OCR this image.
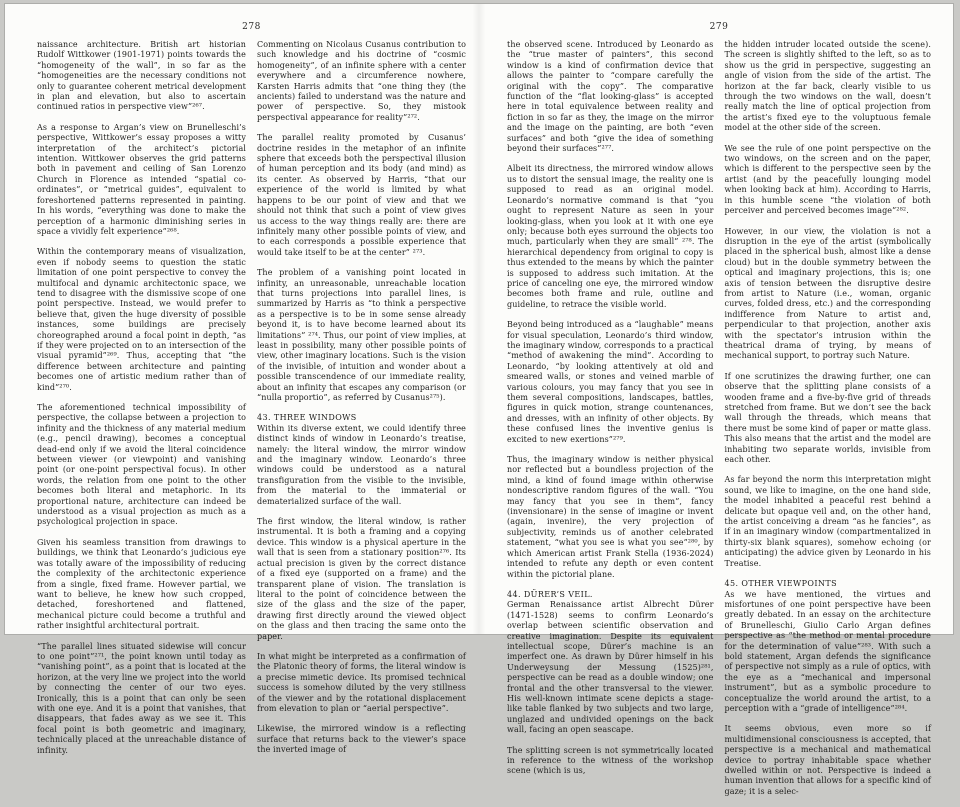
278

naissance architecture. British art historian Rudolf Wittkower (1901-1971) points towards the “homogeneity of the wall”, in so far as the “homogeneities are the necessary conditions not only to guarantee coherent metrical development in plan and elevation, but also to ascertain continued ratios in perspective view”²⁶⁷.

As a response to Argan’s view on Brunelleschi’s perspective, Wittkower’s essay proposes a witty interpretation of the architect’s pictorial intention. Wittkower observes the grid patterns both in pavement and ceiling of San Lorenzo Church in Florence as intended “spatial co-ordinates”, or “metrical guides”, equivalent to foreshortened patterns represented in painting. In his words, “everything was done to make the perception of a harmonic diminishing series in space a vividly felt experience”²⁶⁸.

Within the contemporary means of visualization, even if nobody seems to question the static limitation of one point perspective to convey the multifocal and dynamic architectonic space, we tend to disagree with the dismissive scope of one point perspective. Instead, we would prefer to believe that, given the huge diversity of possible instances, some buildings are precisely choreographed around a focal point in depth, “as if they were projected on to an intersection of the visual pyramid”²⁶⁹. Thus, accepting that “the difference between architecture and painting becomes one of artistic medium rather than of kind”²⁷⁰.

The aforementioned technical impossibility of perspective, the collapse between a projection to infinity and the thickness of any material medium (e.g., pencil drawing), becomes a conceptual dead-end only if we avoid the literal coincidence between viewer (or viewpoint) and vanishing point (or one-point perspectival focus). In other words, the relation from one point to the other becomes both literal and metaphoric. In its proportional nature, architecture can indeed be understood as a visual projection as much as a psychological projection in space.

Given his seamless transition from drawings to buildings, we think that Leonardo’s judicious eye was totally aware of the impossibility of reducing the complexity of the architectonic experience from a single, fixed frame. However partial, we want to believe, he knew how such cropped, detached, foreshortened and flattened, mechanical picture could become a truthful and rather insightful architectural portrait.

“The parallel lines situated sidewise will concur to one point”²⁷¹, the point known until today as “vanishing point”, as a point that is located at the horizon, at the very line we project into the world by connecting the center of our two eyes. Ironically, this is a point that can only be seen with one eye. And it is a point that vanishes, that disappears, that fades away as we see it. This focal point is both geometric and imaginary, technically placed at the unreachable distance of infinity.

Commenting on Nicolaus Cusanus contribution to such knowledge and his doctrine of “cosmic homogeneity”, of an infinite sphere with a center everywhere and a circumference nowhere, Karsten Harris admits that “one thing they (the ancients) failed to understand was the nature and power of perspective. So, they mistook perspectival appearance for reality”²⁷².

The parallel reality promoted by Cusanus’ doctrine resides in the metaphor of an infinite sphere that exceeds both the perspectival illusion of human perception and its body (and mind) as its center. As observed by Harris, “that our experience of the world is limited by what happens to be our point of view and that we should not think that such a point of view gives us access to the way things really are: there are infinitely many other possible points of view, and to each corresponds a possible experience that would take itself to be at the center” ²⁷³.

The problem of a vanishing point located in infinity, an unreasonable, unreachable location that turns projections into parallel lines, is summarized by Harris as “to think a perspective as a perspective is to be in some sense already beyond it, is to have become learned about its limitations” ²⁷⁴. Thus, our point of view implies, at least in possibility, many other possible points of view, other imaginary locations. Such is the vision of the invisible, of intuition and wonder about a possible transcendence of our immediate reality, about an infinity that escapes any comparison (or “nulla proportio”, as referred by Cusanus²⁷⁵).

43. THREE WINDOWS

Within its diverse extent, we could identify three distinct kinds of window in Leonardo’s treatise, namely: the literal window, the mirror window and the imaginary window. Leonardo’s three windows could be understood as a natural transfiguration from the visible to the invisible, from the material to the immaterial or dematerialized surface of the wall.

The first window, the literal window, is rather instrumental. It is both a framing and a copying device. This window is a physical aperture in the wall that is seen from a stationary position²⁷⁶. Its actual precision is given by the correct distance of a fixed eye (supported on a frame) and the transparent plane of vision. The translation is literal to the point of coincidence between the size of the glass and the size of the paper, drawing first directly around the viewed object on the glass and then tracing the same onto the paper.

In what might be interpreted as a confirmation of the Platonic theory of forms, the literal window is a precise mimetic device. Its promised technical success is somehow diluted by the very stillness of the viewer and by the rotational displacement from elevation to plan or “aerial perspective”.

Likewise, the mirrored window is a reflecting surface that returns back to the viewer’s space the inverted image of

279

the observed scene. Introduced by Leonardo as the “true master of painters”, this second window is a kind of confirmation device that allows the painter to “compare carefully the original with the copy”. The comparative function of the “flat looking-glass” is accepted here in total equivalence between reality and fiction in so far as they, the image on the mirror and the image on the painting, are both “even surfaces” and both “give the idea of something beyond their surfaces”²⁷⁷.

Albeit its directness, the mirrored window allows us to distort the sensual image, the reality one is supposed to read as an original model. Leonardo’s normative command is that “you ought to represent Nature as seen in your looking-glass, when you look at it with one eye only; because both eyes surround the objects too much, particularly when they are small” ²⁷⁸. The hierarchical dependency from original to copy is thus extended to the means by which the painter is supposed to address such imitation. At the price of canceling one eye, the mirrored window becomes both frame and rule, outline and guideline, to retrace the visible world.

Beyond being introduced as a “laughable” means for visual speculation, Leonardo’s third window, the imaginary window, corresponds to a practical “method of awakening the mind”. According to Leonardo, “by looking attentively at old and smeared walls, or stones and veined marble of various colours, you may fancy that you see in them several compositions, landscapes, battles, figures in quick motion, strange countenances, and dresses, with an infinity of other objects. By these confused lines the inventive genius is excited to new exertions”²⁷⁹.

Thus, the imaginary window is neither physical nor reflected but a boundless projection of the mind, a kind of found image within otherwise nondescriptive random figures of the wall. “You may fancy that you see in them”, fancy (invensionare) in the sense of imagine or invent (again, invenire), the very projection of subjectivity, reminds us of another celebrated statement, “what you see is what you see”²⁸⁰, by which American artist Frank Stella (1936-2024) intended to refute any depth or even content within the pictorial plane.

44. DÜRER’S VEIL.

German Renaissance artist Albrecht Dürer (1471-1528) seems to confirm Leonardo’s overlap between scientific observation and creative imagination. Despite its equivalent intellectual scope, Dürer’s machine is an imperfect one. As drawn by Dürer himself in his Underweysung der Messung (1525)²⁸¹, perspective can be read as a double window; one frontal and the other transversal to the viewer. His well-known intimate scene depicts a stage-like table flanked by two subjects and two large, unglazed and undivided openings on the back wall, facing an open seascape.

The splitting screen is not symmetrically located in reference to the witness of the workshop scene (which is us,

the hidden intruder located outside the scene). The screen is slightly shifted to the left, so as to show us the grid in perspective, suggesting an angle of vision from the side of the artist. The horizon at the far back, clearly visible to us through the two windows on the wall, doesn’t really match the line of optical projection from the artist’s fixed eye to the voluptuous female model at the other side of the screen.

We see the rule of one point perspective on the two windows, on the screen and on the paper, which is different to the perspective seen by the artist (and by the peacefully lounging model when looking back at him). According to Harris, in this humble scene “the violation of both perceiver and perceived becomes image”²⁸².

However, in our view, the violation is not a disruption in the eye of the artist (symbolically placed in the spherical bush, almost like a dense cloud) but in the double symmetry between the optical and imaginary projections, this is; one axis of tension between the disruptive desire from artist to Nature (i.e., woman, organic curves, folded dress, etc.) and the corresponding indifference from Nature to artist and, perpendicular to that projection, another axis with the spectator’s intrusion within the theatrical drama of trying, by means of mechanical support, to portray such Nature.

If one scrutinizes the drawing further, one can observe that the splitting plane consists of a wooden frame and a five-by-five grid of threads stretched from frame. But we don’t see the back wall through the threads, which means that there must be some kind of paper or matte glass. This also means that the artist and the model are inhabiting two separate worlds, invisible from each other.

As far beyond the norm this interpretation might sound, we like to imagine, on the one hand side, the model inhabited a peaceful rest behind a delicate but opaque veil and, on the other hand, the artist conceiving a dream “as he fancies”, as if in an imaginary window (compartmentalized in thirty-six blank squares), somehow echoing (or anticipating) the advice given by Leonardo in his Treatise.

45. OTHER VIEWPOINTS

As we have mentioned, the virtues and misfortunes of one point perspective have been greatly debated. In an essay on the architecture of Brunelleschi, Giulio Carlo Argan defines perspective as “the method or mental procedure for the determination of value”²⁸³. With such a bold statement, Argan defends the significance of perspective not simply as a rule of optics, with the eye as a “mechanical and impersonal instrument”, but as a symbolic procedure to conceptualize the world around the artist, to a perception with a “grade of intelligence”²⁸⁴.

It seems obvious, even more so if multidimensional consciousness is accepted, that perspective is a mechanical and mathematical device to portray inhabitable space whether dwelled within or not. Perspective is indeed a human invention that allows for a specific kind of gaze; it is a selec-
